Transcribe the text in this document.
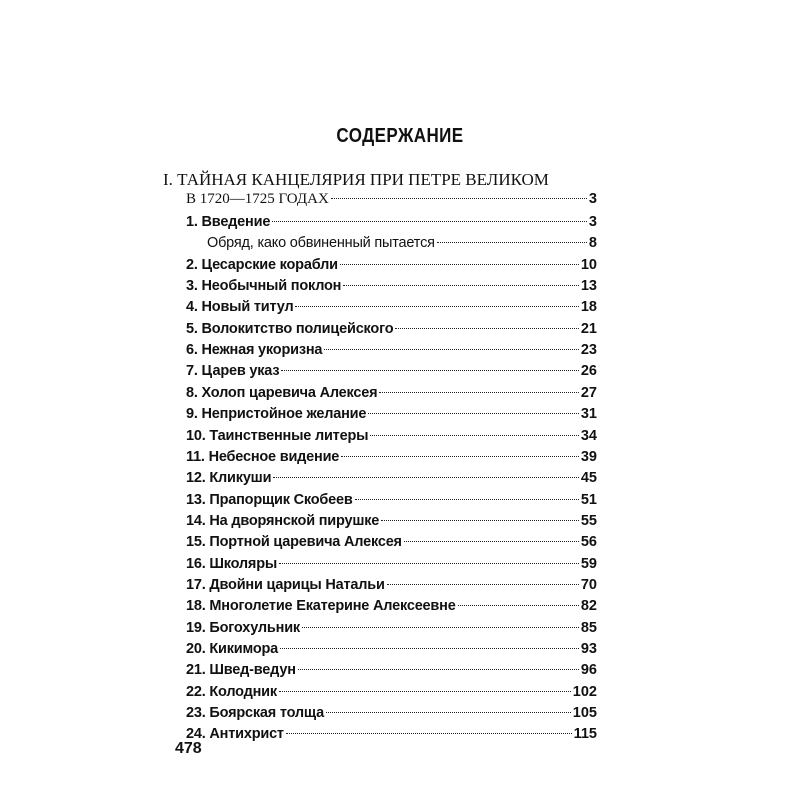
СОДЕРЖАНИЕ
I. ТАЙНАЯ КАНЦЕЛЯРИЯ ПРИ ПЕТРЕ ВЕЛИКОМ
В 1720—1725 ГОДАХ	3
1. Введение	3
Обряд, како обвиненный пытается	8
2. Цесарские корабли	10
3. Необычный поклон	13
4. Новый титул	18
5. Волокитство полицейского	21
6. Нежная укоризна	23
7. Царев указ	26
8. Холоп царевича Алексея	27
9. Непристойное желание	31
10. Таинственные литеры	34
11. Небесное видение	39
12. Кликуши	45
13. Прапорщик Скобеев	51
14. На дворянской пирушке	55
15. Портной царевича Алексея	56
16. Школяры	59
17. Двойни царицы Натальи	70
18. Многолетие Екатерине Алексеевне	82
19. Богохульник	85
20. Кикимора	93
21. Швед-ведун	96
22. Колодник	102
23. Боярская толща	105
24. Антихрист	115
478
